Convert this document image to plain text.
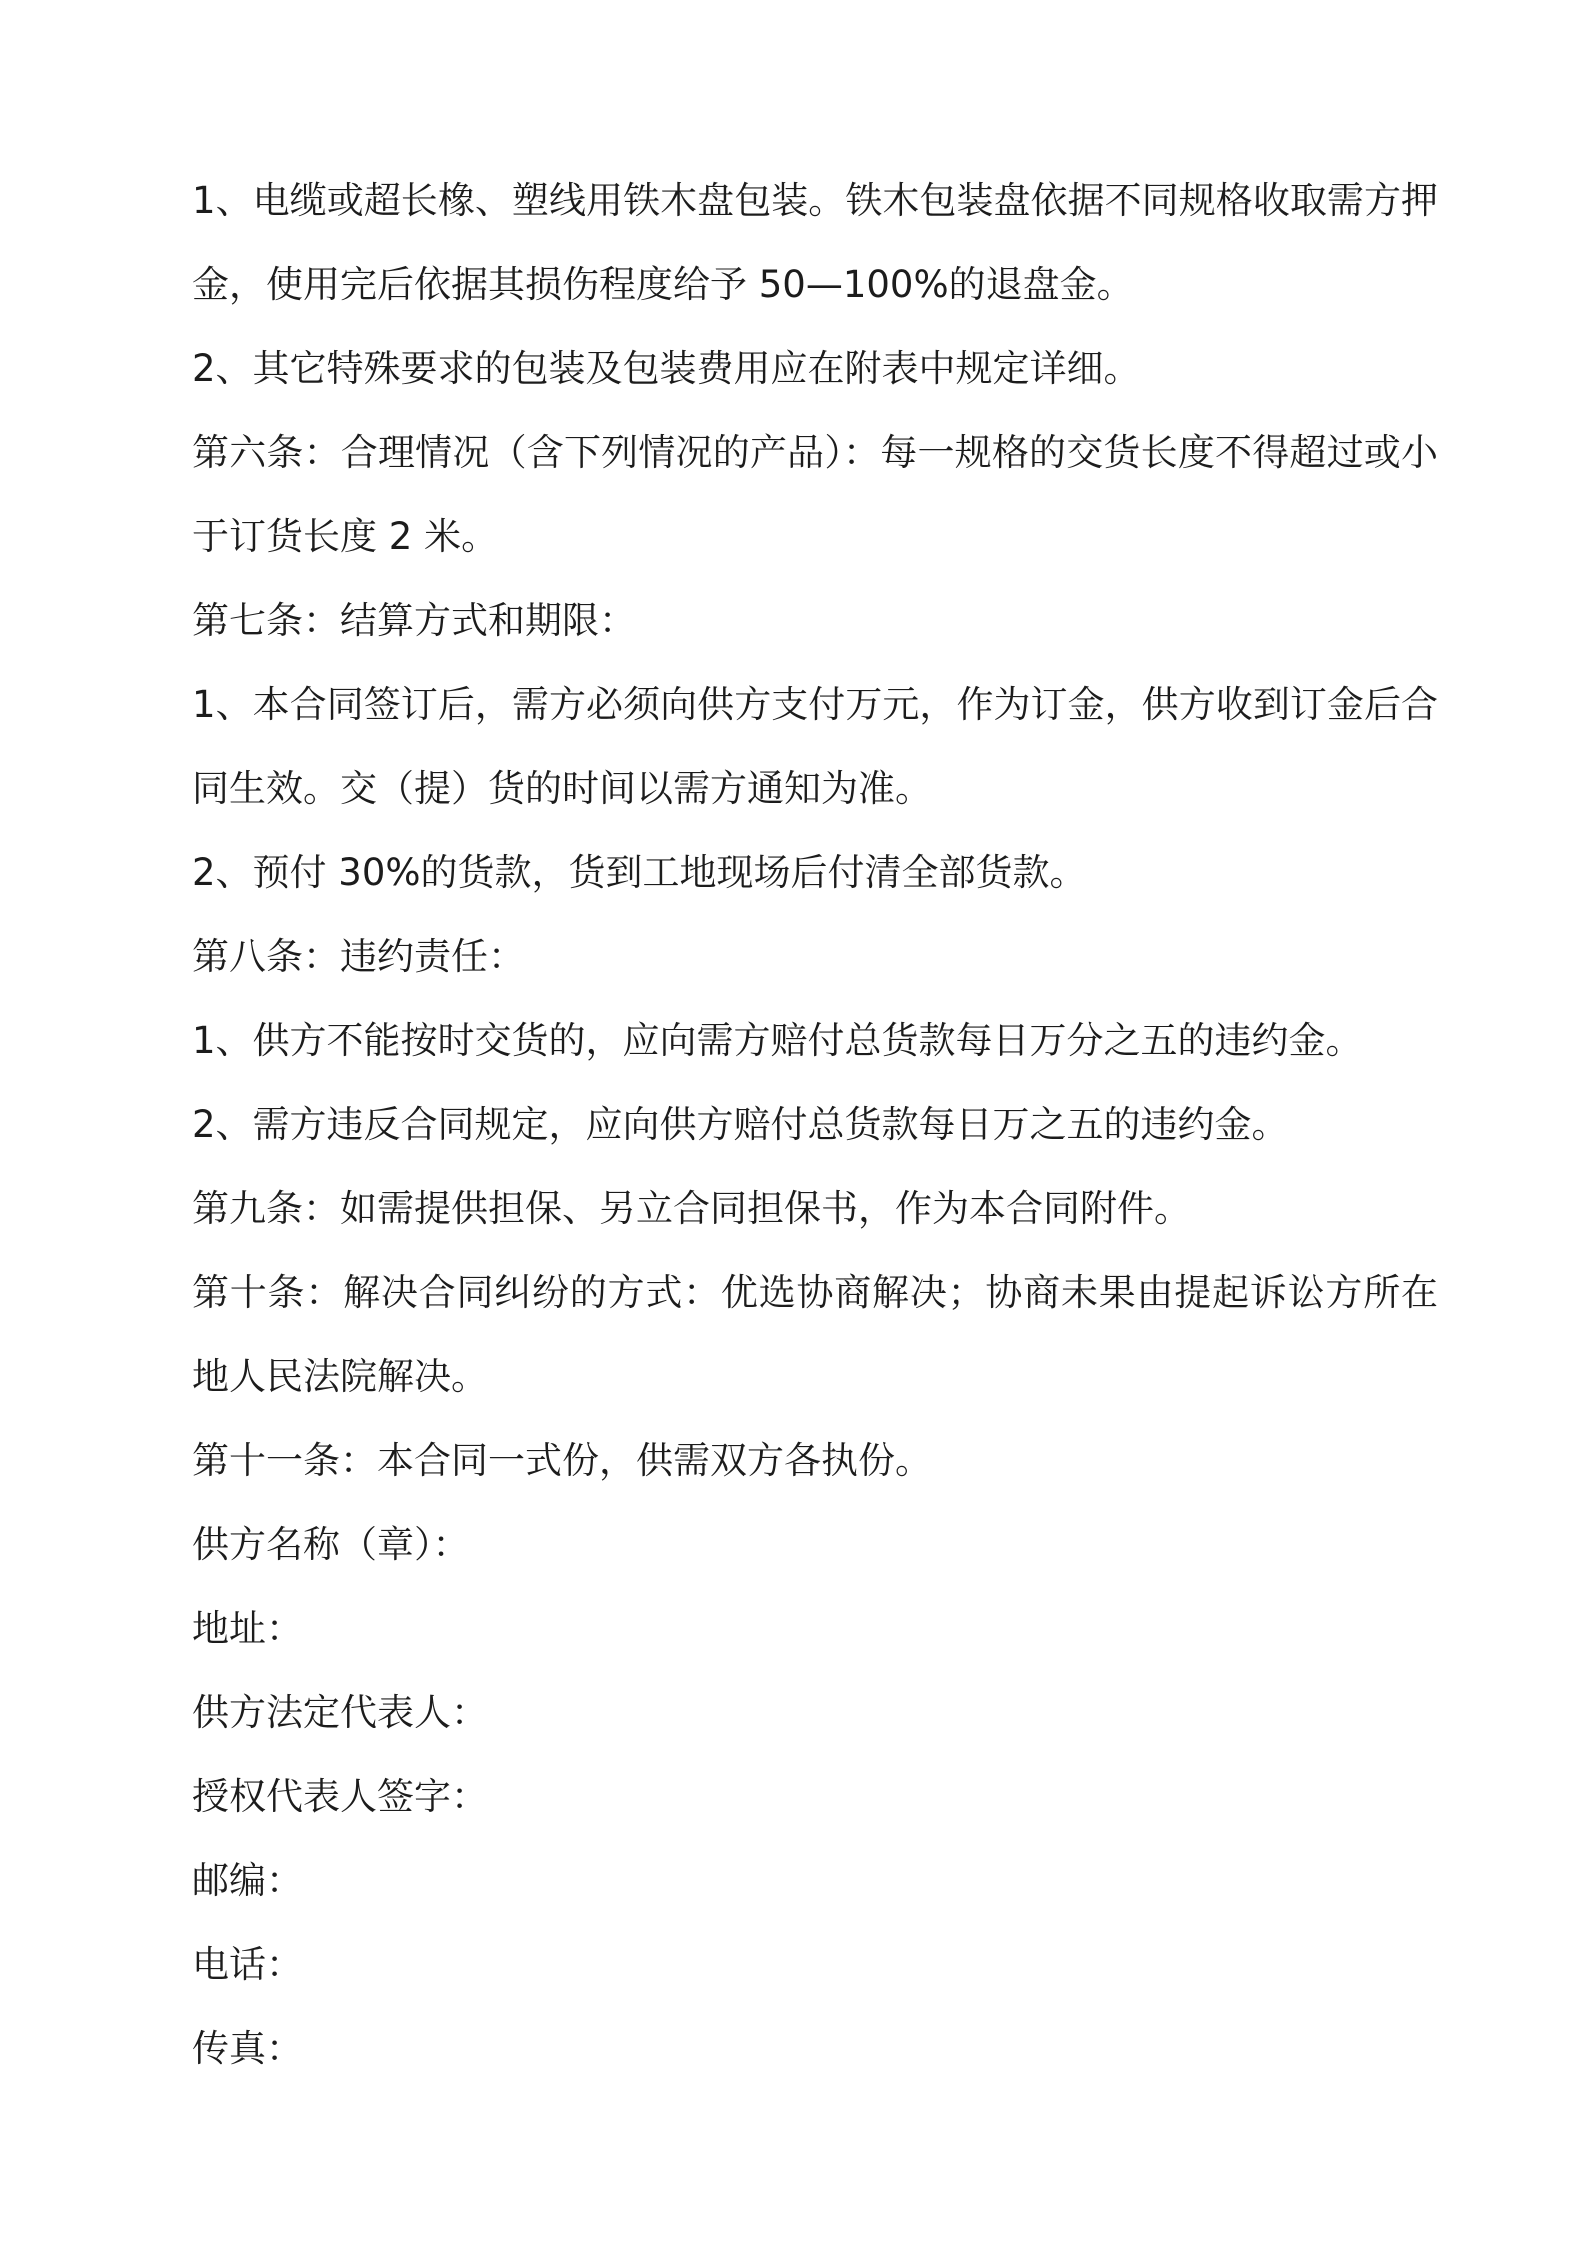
1、电缆或超长橡、塑线用铁木盘包装。铁木包装盘依据不同规格收取需方押
金，使用完后依据其损伤程度给予 50—100%的退盘金。
2、其它特殊要求的包装及包装费用应在附表中规定详细。
第六条：合理情况（含下列情况的产品）：每一规格的交货长度不得超过或小
于订货长度 2 米。
第七条：结算方式和期限：
1、本合同签订后，需方必须向供方支付万元，作为订金，供方收到订金后合
同生效。交（提）货的时间以需方通知为准。
2、预付 30%的货款，货到工地现场后付清全部货款。
第八条：违约责任：
1、供方不能按时交货的，应向需方赔付总货款每日万分之五的违约金。
2、需方违反合同规定，应向供方赔付总货款每日万之五的违约金。
第九条：如需提供担保、另立合同担保书，作为本合同附件。
第十条：解决合同纠纷的方式：优选协商解决；协商未果由提起诉讼方所在
地人民法院解决。
第十一条：本合同一式份，供需双方各执份。
供方名称（章）：
地址：
供方法定代表人：
授权代表人签字：
邮编：
电话：
传真：
